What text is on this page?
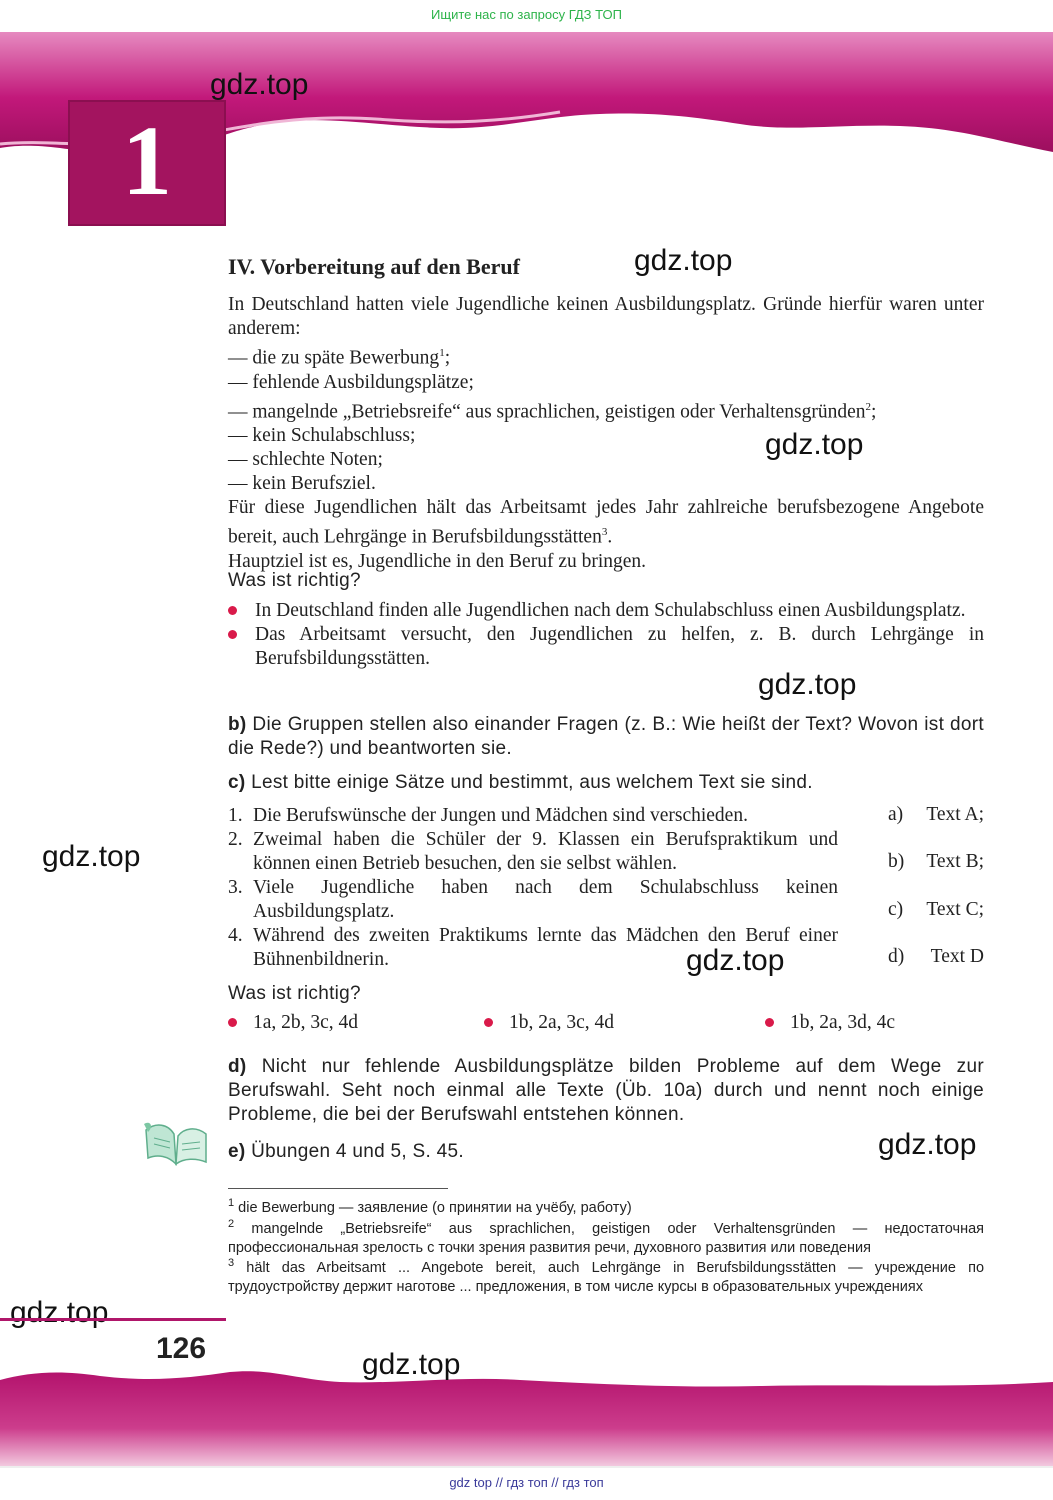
Ищите нас по запросу ГДЗ ТОП
1
gdz.top
gdz.top
gdz.top
gdz.top
gdz.top
gdz.top
gdz.top
gdz.top
gdz.top
IV. Vorbereitung auf den Beruf
In Deutschland hatten viele Jugendliche keinen Ausbildungsplatz. Gründe hierfür waren unter anderem:
— die zu späte Bewerbung$^1$;
— fehlende Ausbildungsplätze;
— mangelnde „Betriebsreife“ aus sprachlichen, geistigen oder Verhaltensgründen$^2$;
— kein Schulabschluss;
— schlechte Noten;
— kein Berufsziel.
Für diese Jugendlichen hält das Arbeitsamt jedes Jahr zahlreiche berufsbezogene Angebote bereit, auch Lehrgänge in Berufsbildungsstätten$^3$.
Hauptziel ist es, Jugendliche in den Beruf zu bringen.
Was ist richtig?
In Deutschland finden alle Jugendlichen nach dem Schulabschluss einen Ausbildungsplatz.
Das Arbeitsamt versucht, den Jugendlichen zu helfen, z. B. durch Lehrgänge in Berufsbildungsstätten.
b) Die Gruppen stellen also einander Fragen (z. B.: Wie heißt der Text? Wovon ist dort die Rede?) und beantworten sie.
c) Lest bitte einige Sätze und bestimmt, aus welchem Text sie sind.
1. Die Berufswünsche der Jungen und Mädchen sind verschieden.
2. Zweimal haben die Schüler der 9. Klassen ein Berufspraktikum und können einen Betrieb besuchen, den sie selbst wählen.
3. Viele Jugendliche haben nach dem Schulabschluss keinen Ausbildungsplatz.
4. Während des zweiten Praktikums lernte das Mädchen den Beruf einer Bühnenbildnerin.
a) Text A;
b) Text B;
c) Text C;
d) Text D
Was ist richtig?
1a, 2b, 3c, 4d	1b, 2a, 3c, 4d	1b, 2a, 3d, 4c
d) Nicht nur fehlende Ausbildungsplätze bilden Probleme auf dem Wege zur Berufswahl. Seht noch einmal alle Texte (Üb. 10a) durch und nennt noch einige Probleme, die bei der Berufswahl entstehen können.
e) Übungen 4 und 5, S. 45.
$^1$ die Bewerbung — заявление (о принятии на учёбу, работу)
$^2$ mangelnde „Betriebsreife“ aus sprachlichen, geistigen oder Verhaltensgründen — недостаточная профессиональная зрелость с точки зрения развития речи, духовного развития или поведения
$^3$ hält das Arbeitsamt ... Angebote bereit, auch Lehrgänge in Berufsbildungsstätten — учреждение по трудоустройству держит наготове ... предложения, в том числе курсы в образовательных учреждениях
126
gdz top // гдз топ // гдз топ
